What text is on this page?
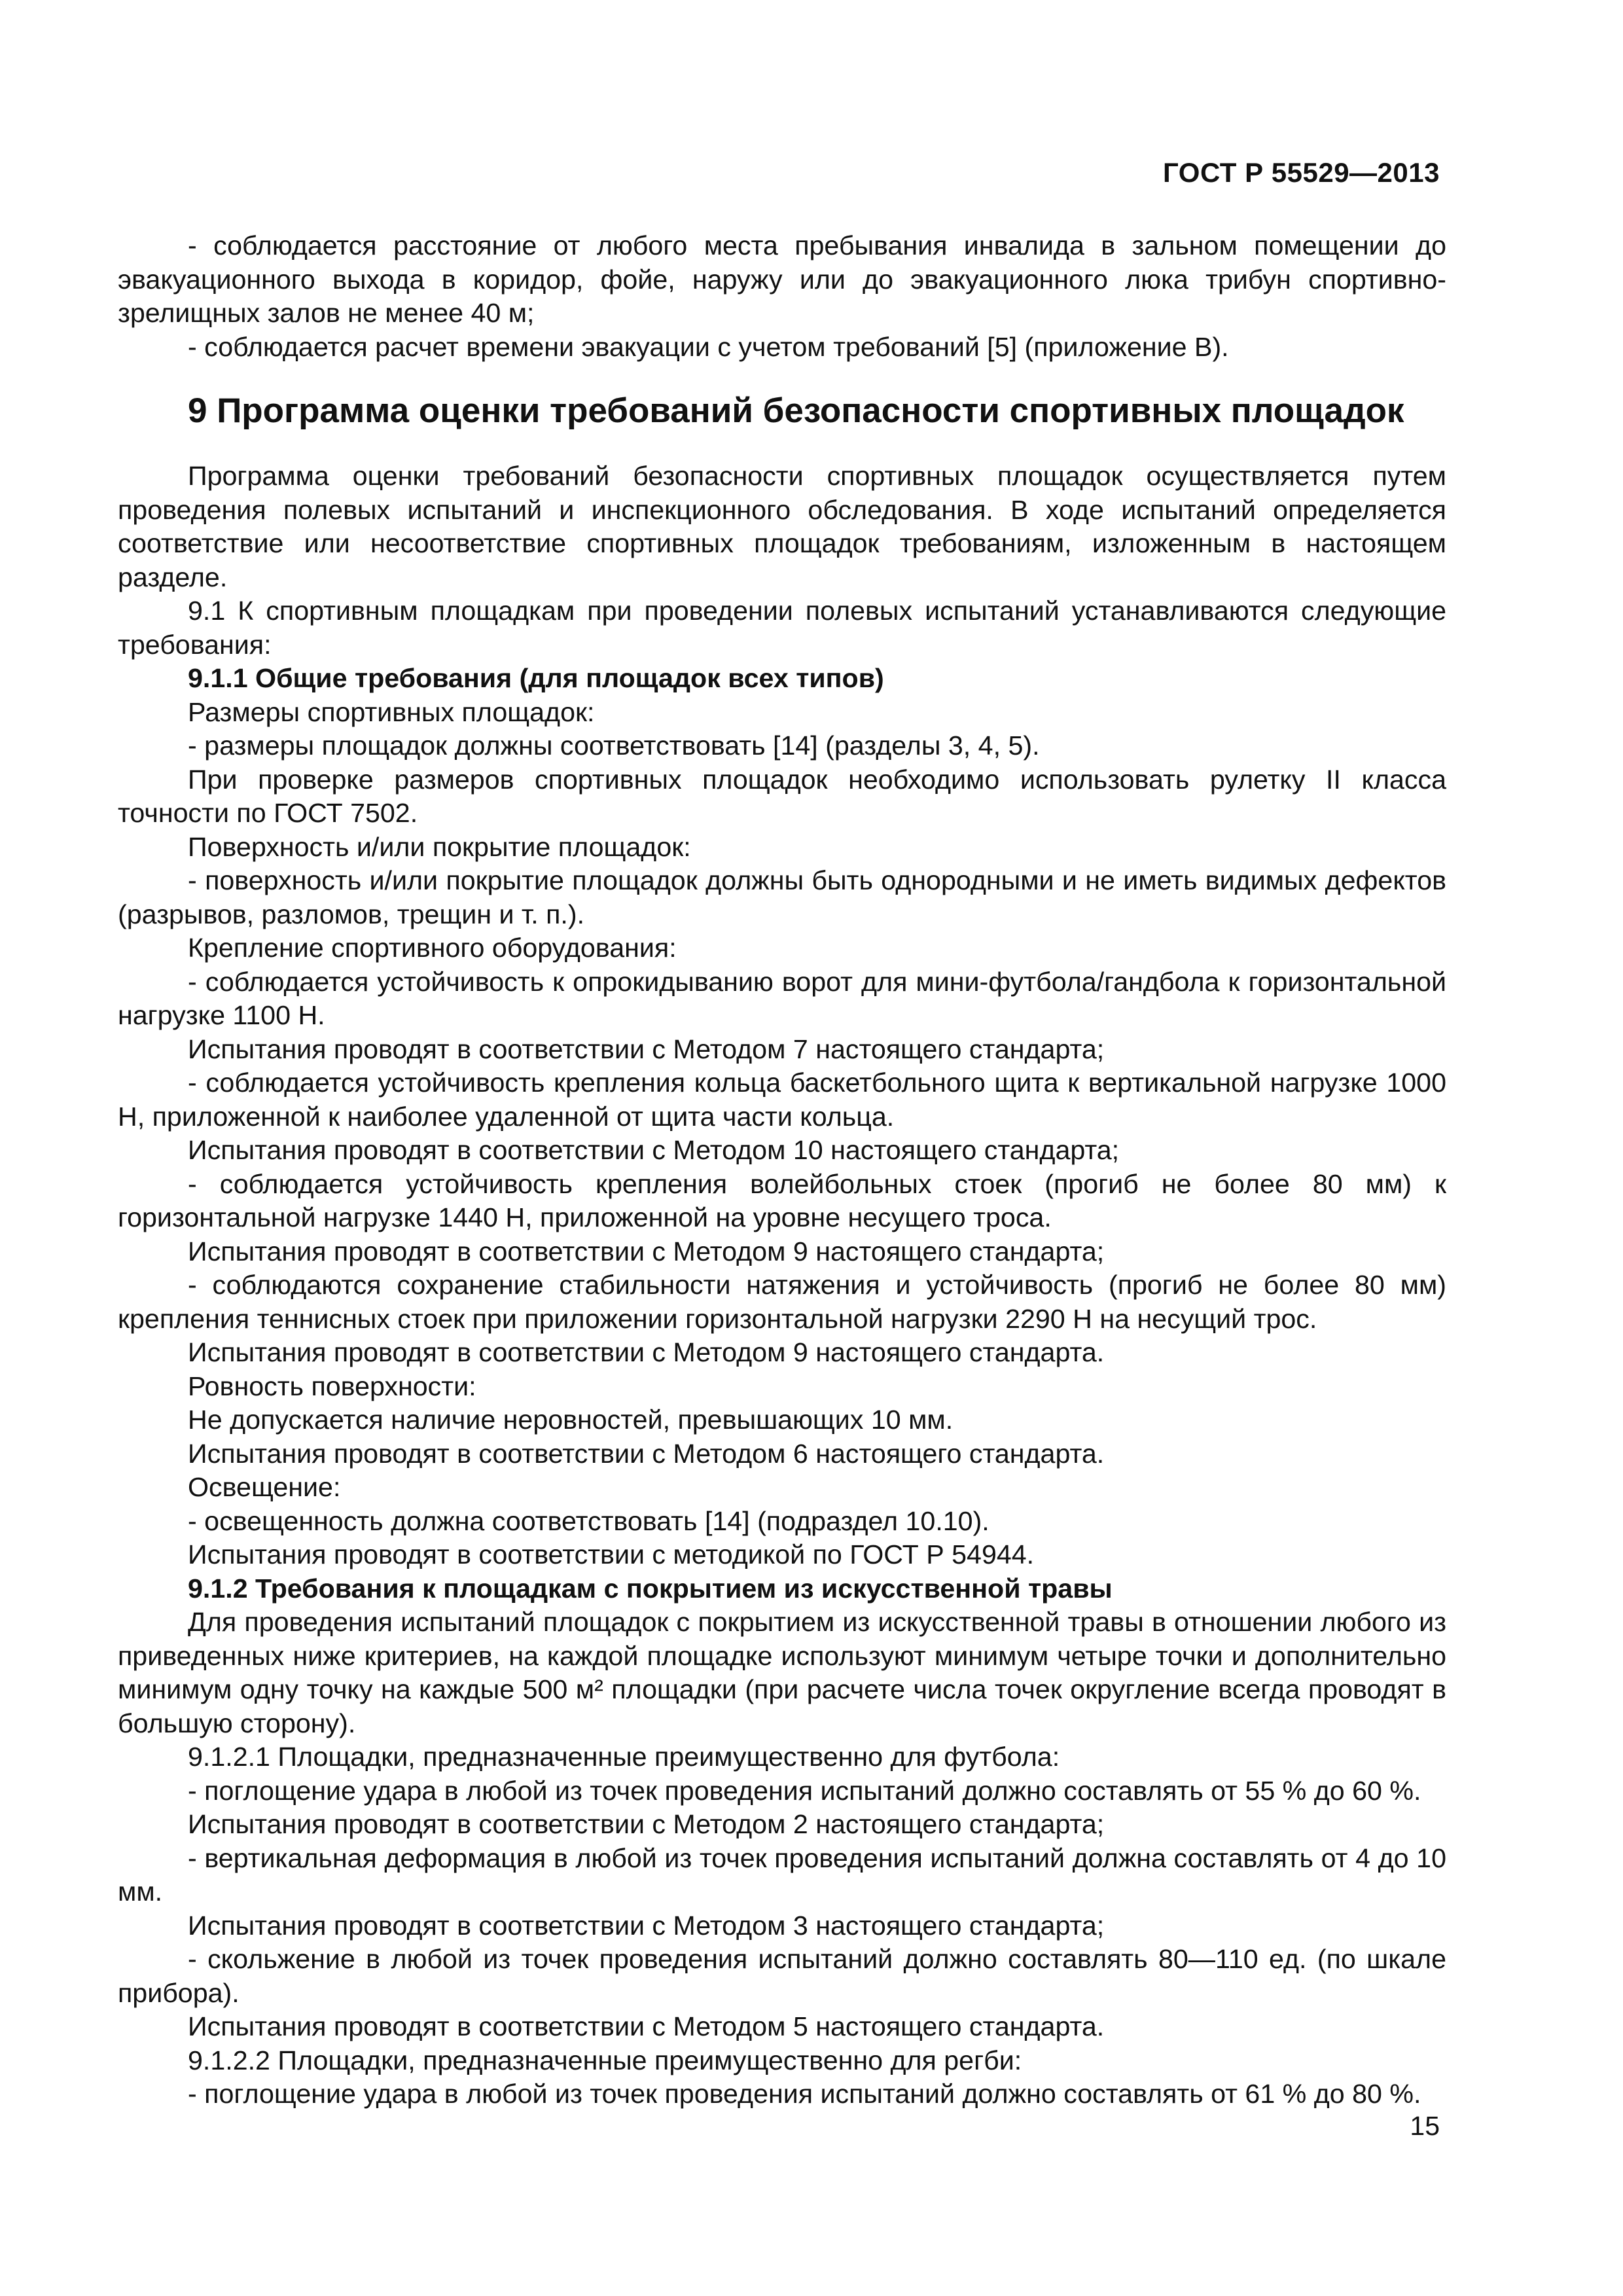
ГОСТ Р 55529—2013

- соблюдается расстояние от любого места пребывания инвалида в зальном помещении до эвакуационного выхода в коридор, фойе, наружу или до эвакуационного люка трибун спортивно-зрелищных залов не менее 40 м;

- соблюдается расчет времени эвакуации с учетом требований [5] (приложение В).

9 Программа оценки требований безопасности спортивных площадок

Программа оценки требований безопасности спортивных площадок осуществляется путем проведения полевых испытаний и инспекционного обследования. В ходе испытаний определяется соответствие или несоответствие спортивных площадок требованиям, изложенным в настоящем разделе.

9.1 К спортивным площадкам при проведении полевых испытаний устанавливаются следующие требования:

9.1.1 Общие требования (для площадок всех типов)

Размеры спортивных площадок:

- размеры площадок должны соответствовать [14] (разделы 3, 4, 5).

При проверке размеров спортивных площадок необходимо использовать рулетку II класса точности по ГОСТ 7502.

Поверхность и/или покрытие площадок:

- поверхность и/или покрытие площадок должны быть однородными и не иметь видимых дефектов (разрывов, разломов, трещин и т. п.).

Крепление спортивного оборудования:

- соблюдается устойчивость к опрокидыванию ворот для мини-футбола/гандбола к горизонтальной нагрузке 1100 Н.

Испытания проводят в соответствии с Методом 7 настоящего стандарта;

- соблюдается устойчивость крепления кольца баскетбольного щита к вертикальной нагрузке 1000 Н, приложенной к наиболее удаленной от щита части кольца.

Испытания проводят в соответствии с Методом 10 настоящего стандарта;

- соблюдается устойчивость крепления волейбольных стоек (прогиб не более 80 мм) к горизонтальной нагрузке 1440 Н, приложенной на уровне несущего троса.

Испытания проводят в соответствии с Методом 9 настоящего стандарта;

- соблюдаются сохранение стабильности натяжения и устойчивость (прогиб не более 80 мм) крепления теннисных стоек при приложении горизонтальной нагрузки 2290 Н на несущий трос.

Испытания проводят в соответствии с Методом 9 настоящего стандарта.

Ровность поверхности:

Не допускается наличие неровностей, превышающих 10 мм.

Испытания проводят в соответствии с Методом 6 настоящего стандарта.

Освещение:

- освещенность должна соответствовать [14] (подраздел 10.10).

Испытания проводят в соответствии с методикой по ГОСТ Р 54944.

9.1.2 Требования к площадкам с покрытием из искусственной травы

Для проведения испытаний площадок с покрытием из искусственной травы в отношении любого из приведенных ниже критериев, на каждой площадке используют минимум четыре точки и дополнительно минимум одну точку на каждые 500 м² площадки (при расчете числа точек округление всегда проводят в большую сторону).

9.1.2.1 Площадки, предназначенные преимущественно для футбола:

- поглощение удара в любой из точек проведения испытаний должно составлять от 55 % до 60 %.

Испытания проводят в соответствии с Методом 2 настоящего стандарта;

- вертикальная деформация в любой из точек проведения испытаний должна составлять от 4 до 10 мм.

Испытания проводят в соответствии с Методом 3 настоящего стандарта;

- скольжение в любой из точек проведения испытаний должно составлять 80—110 ед. (по шкале прибора).

Испытания проводят в соответствии с Методом 5 настоящего стандарта.

9.1.2.2 Площадки, предназначенные преимущественно для регби:

- поглощение удара в любой из точек проведения испытаний должно составлять от 61 % до 80 %.

15
